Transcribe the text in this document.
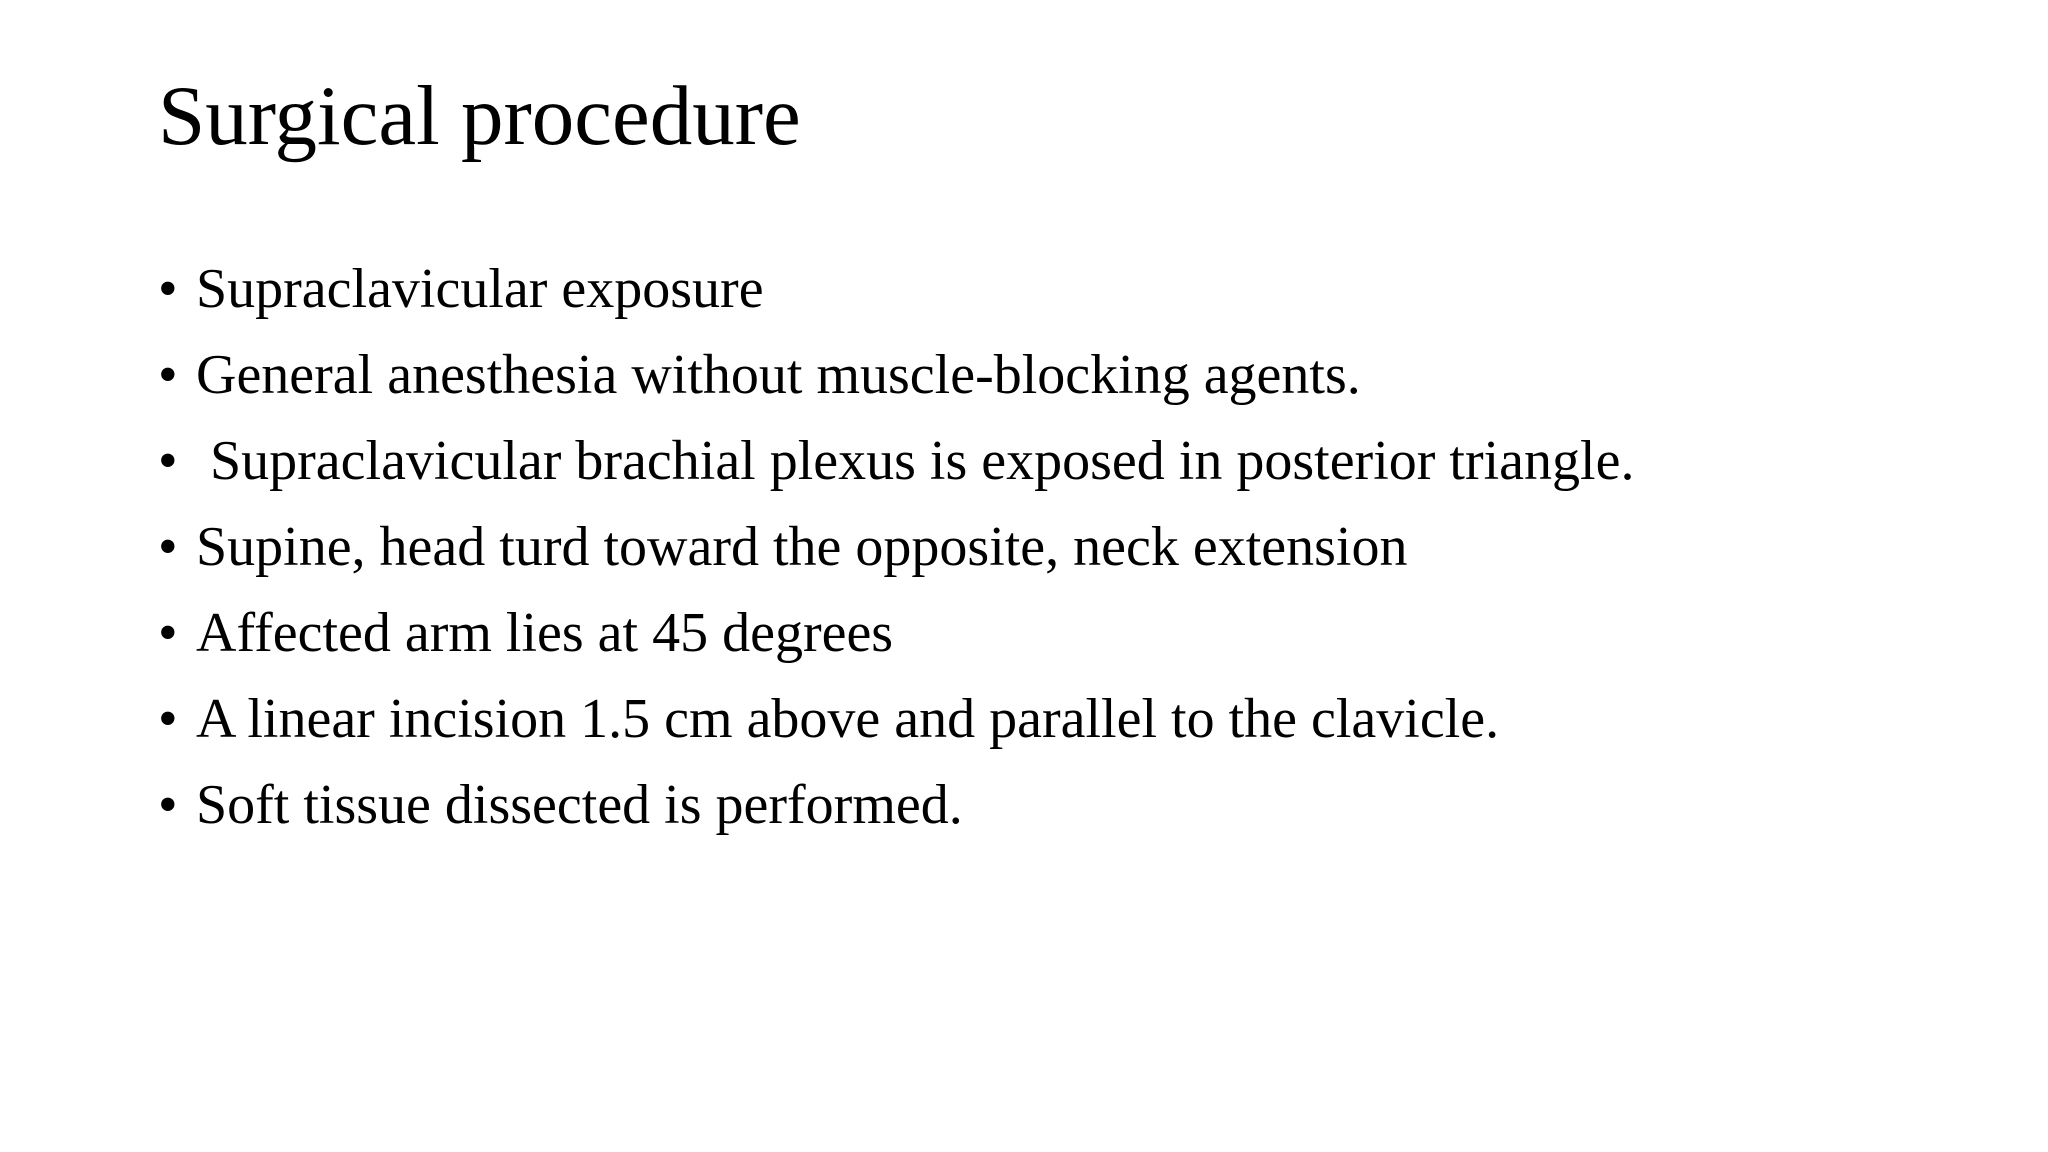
Surgical procedure
• Supraclavicular exposure
• General anesthesia without muscle-blocking agents.
• Supraclavicular brachial plexus is exposed in posterior triangle.
• Supine, head turd toward the opposite, neck extension
• Affected arm lies at 45 degrees
• A linear incision 1.5 cm above and parallel to the clavicle.
• Soft tissue dissected is performed.
